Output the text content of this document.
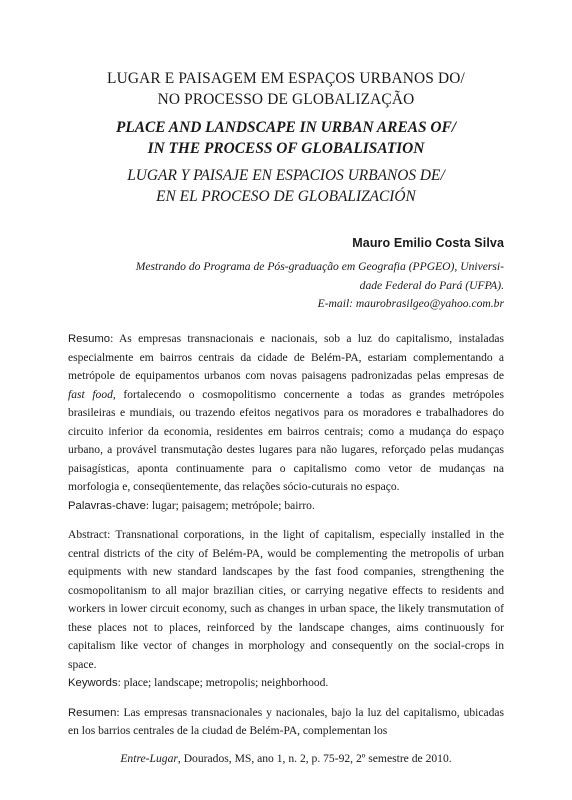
LUGAR E PAISAGEM EM ESPAÇOS URBANOS DO/
NO PROCESSO DE GLOBALIZAÇÃO
PLACE AND LANDSCAPE IN URBAN AREAS OF/
IN THE PROCESS OF GLOBALISATION
LUGAR Y PAISAJE EN ESPACIOS URBANOS DE/
EN EL PROCESO DE GLOBALIZACIÓN
Mauro Emilio Costa Silva
Mestrando do Programa de Pós-graduação em Geografia (PPGEO), Universi-
dade Federal do Pará (UFPA).
E-mail: maurobrasilgeo@yahoo.com.br

Resumo: As empresas transnacionais e nacionais, sob a luz do capitalismo, instaladas especialmente em bairros centrais da cidade de Belém-PA, estariam complementando a metrópole de equipamentos urbanos com novas paisagens padronizadas pelas empresas de fast food, fortalecendo o cosmopolitismo concernente a todas as grandes metrópoles brasileiras e mundiais, ou trazendo efeitos negativos para os moradores e trabalhadores do circuito inferior da economia, residentes em bairros centrais; como a mudança do espaço urbano, a provável transmutação destes lugares para não lugares, reforçado pelas mudanças paisagísticas, aponta continuamente para o capitalismo como vetor de mudanças na morfologia e, conseqüentemente, das relações sócio-cuturais no espaço.

Palavras-chave: lugar; paisagem; metrópole; bairro.

Abstract: Transnational corporations, in the light of capitalism, especially installed in the central districts of the city of Belém-PA, would be complementing the metropolis of urban equipments with new standard landscapes by the fast food companies, strengthening the cosmopolitanism to all major brazilian cities, or carrying negative effects to residents and workers in lower circuit economy, such as changes in urban space, the likely transmutation of these places not to places, reinforced by the landscape changes, aims continuously for capitalism like vector of changes in morphology and consequently on the social-crops in space.

Keywords: place; landscape; metropolis; neighborhood.

Resumen: Las empresas transnacionales y nacionales, bajo la luz del capitalismo, ubicadas en los barrios centrales de la ciudad de Belém-PA, complementan los

Entre-Lugar, Dourados, MS, ano 1, n. 2, p. 75-92, 2º semestre de 2010.
